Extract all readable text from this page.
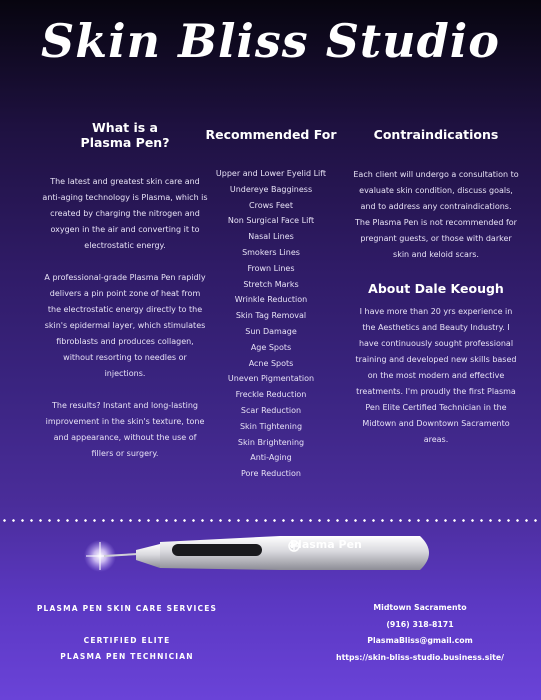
Skin Bliss Studio
What is a
Plasma Pen?

The latest and greatest skin care and anti-aging technology is Plasma, which is created by charging the nitrogen and oxygen in the air and converting it to electrostatic energy.

A professional-grade Plasma Pen rapidly delivers a pin point zone of heat from the electrostatic energy directly to the skin's epidermal layer, which stimulates fibroblasts and produces collagen, without resorting to needles or injections.

The results? Instant and long-lasting improvement in the skin's texture, tone and appearance, without the use of fillers or surgery.

Recommended For
Upper and Lower Eyelid Lift
Undereye Bagginess
Crows Feet
Non Surgical Face Lift
Nasal Lines
Smokers Lines
Frown Lines
Stretch Marks
Wrinkle Reduction
Skin Tag Removal
Sun Damage
Age Spots
Acne Spots
Uneven Pigmentation
Freckle Reduction
Scar Reduction
Skin Tightening
Skin Brightening
Anti-Aging
Pore Reduction
Contraindications

Each client will undergo a consultation to evaluate skin condition, discuss goals, and to address any contraindications. The Plasma Pen is not recommended for pregnant guests, or those with darker skin and keloid scars.

About Dale Keough

I have more than 20 yrs experience in the Aesthetics and Beauty Industry. I have continuously sought professional training and developed new skills based on the most modern and effective treatments. I'm proudly the first Plasma Pen Elite Certified Technician in the Midtown and Downtown Sacramento areas.

Plasma Pen
PLASMA PEN SKIN CARE SERVICES
CERTIFIED ELITE
PLASMA PEN TECHNICIAN
Midtown Sacramento
(916) 318-8171
PlasmaBliss@gmail.com
https://skin-bliss-studio.business.site/
